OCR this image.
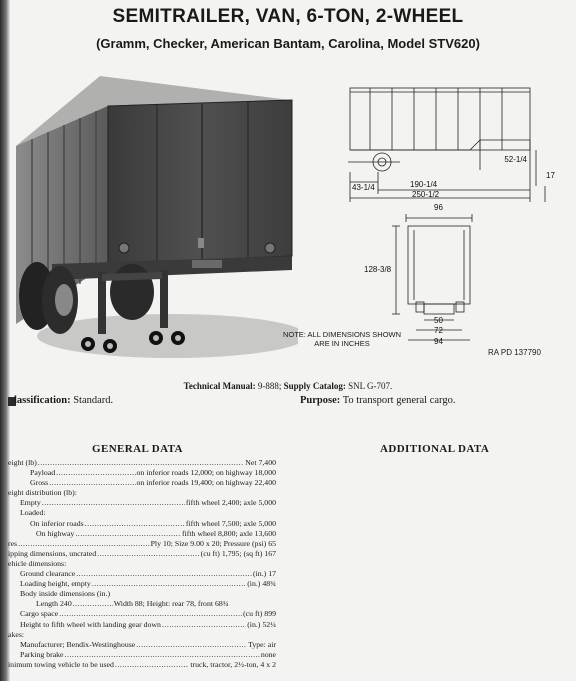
SEMITRAILER, VAN, 6-TON, 2-WHEEL
(Gramm, Checker, American Bantam, Carolina, Model STV620)
52-1/4
17
43-1/4	190-1/4
250-1/2
96
128-3/8
50
72
94
NOTE: ALL DIMENSIONS SHOWN
ARE IN INCHES
RA PD 137790
Technical Manual: 9-888; Supply Catalog: SNL G-707.
lassification: Standard.	Purpose: To transport general cargo.
GENERAL DATA	ADDITIONAL DATA
eight (lb) .....	Net 7,400
Payload .....	on inferior roads 12,000; on highway 18,000
Gross .....	on inferior roads 19,400; on highway 22,400
eight distribution (lb):
Empty .....	fifth wheel 2,400; axle 5,000
Loaded:
On inferior roads .....	fifth wheel 7,500; axle 5,000
On highway .....	fifth wheel 8,800; axle 13,600
res .....	Ply 10; Size 9.00 x 20; Pressure (psi) 65
ipping dimensions, uncrated .....	(cu ft) 1,795; (sq ft) 167
ehicle dimensions:
Ground clearance .....	(in.) 17
Loading height, empty .....	(in.) 48¾
Body inside dimensions (in.)
Length 240 .....	Width 88; Height: rear 78, front 68¾
Cargo space .....	(cu ft) 899
Height to fifth wheel with landing gear down .....	(in.) 52¼
akes:
Manufacturer; Bendix-Westinghouse .....	Type: air
Parking brake .....	none
inimum towing vehicle to be used .....	truck, tractor, 2½-ton, 4 x 2
